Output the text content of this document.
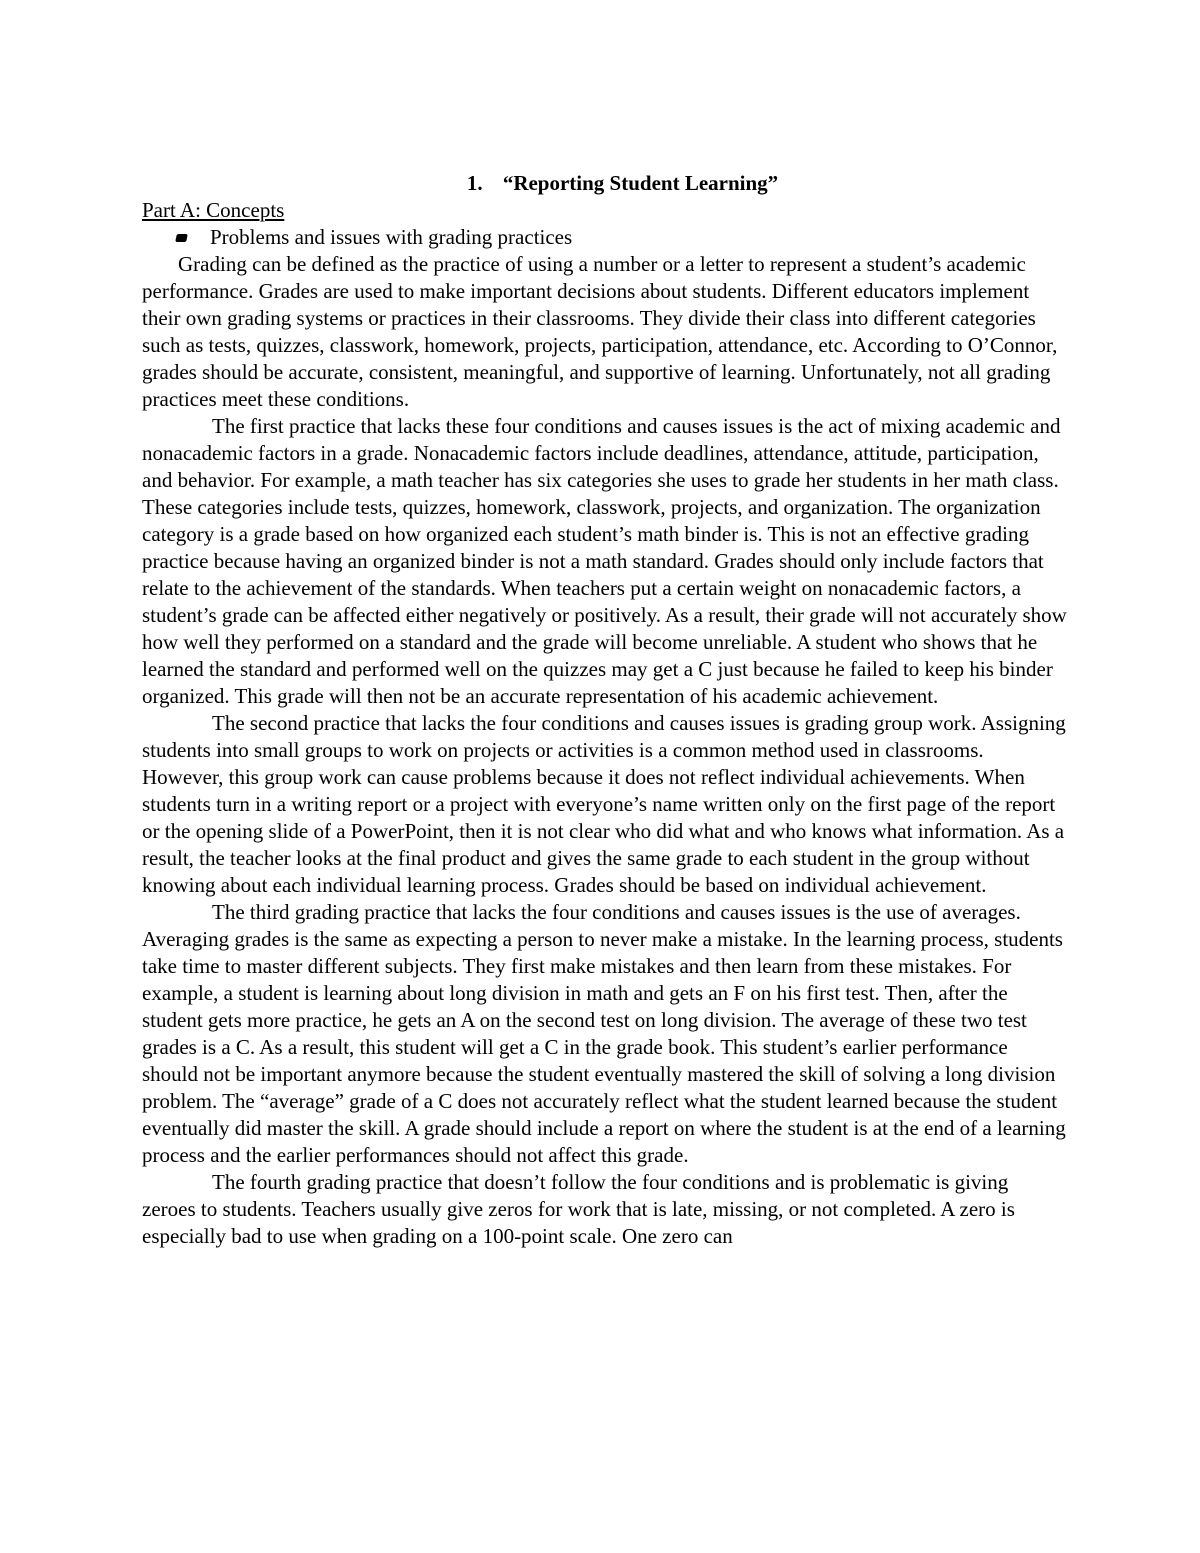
1. “Reporting Student Learning”
Part A: Concepts
Problems and issues with grading practices

Grading can be defined as the practice of using a number or a letter to represent a student’s academic performance. Grades are used to make important decisions about students. Different educators implement their own grading systems or practices in their classrooms. They divide their class into different categories such as tests, quizzes, classwork, homework, projects, participation, attendance, etc. According to O’Connor, grades should be accurate, consistent, meaningful, and supportive of learning. Unfortunately, not all grading practices meet these conditions.

The first practice that lacks these four conditions and causes issues is the act of mixing academic and nonacademic factors in a grade. Nonacademic factors include deadlines, attendance, attitude, participation, and behavior. For example, a math teacher has six categories she uses to grade her students in her math class. These categories include tests, quizzes, homework, classwork, projects, and organization. The organization category is a grade based on how organized each student’s math binder is. This is not an effective grading practice because having an organized binder is not a math standard. Grades should only include factors that relate to the achievement of the standards. When teachers put a certain weight on nonacademic factors, a student’s grade can be affected either negatively or positively. As a result, their grade will not accurately show how well they performed on a standard and the grade will become unreliable. A student who shows that he learned the standard and performed well on the quizzes may get a C just because he failed to keep his binder organized. This grade will then not be an accurate representation of his academic achievement.

The second practice that lacks the four conditions and causes issues is grading group work. Assigning students into small groups to work on projects or activities is a common method used in classrooms. However, this group work can cause problems because it does not reflect individual achievements. When students turn in a writing report or a project with everyone’s name written only on the first page of the report or the opening slide of a PowerPoint, then it is not clear who did what and who knows what information. As a result, the teacher looks at the final product and gives the same grade to each student in the group without knowing about each individual learning process. Grades should be based on individual achievement.

The third grading practice that lacks the four conditions and causes issues is the use of averages. Averaging grades is the same as expecting a person to never make a mistake. In the learning process, students take time to master different subjects. They first make mistakes and then learn from these mistakes. For example, a student is learning about long division in math and gets an F on his first test. Then, after the student gets more practice, he gets an A on the second test on long division. The average of these two test grades is a C. As a result, this student will get a C in the grade book. This student’s earlier performance should not be important anymore because the student eventually mastered the skill of solving a long division problem. The “average” grade of a C does not accurately reflect what the student learned because the student eventually did master the skill. A grade should include a report on where the student is at the end of a learning process and the earlier performances should not affect this grade.

The fourth grading practice that doesn’t follow the four conditions and is problematic is giving zeroes to students. Teachers usually give zeros for work that is late, missing, or not completed. A zero is especially bad to use when grading on a 100-point scale. One zero can
